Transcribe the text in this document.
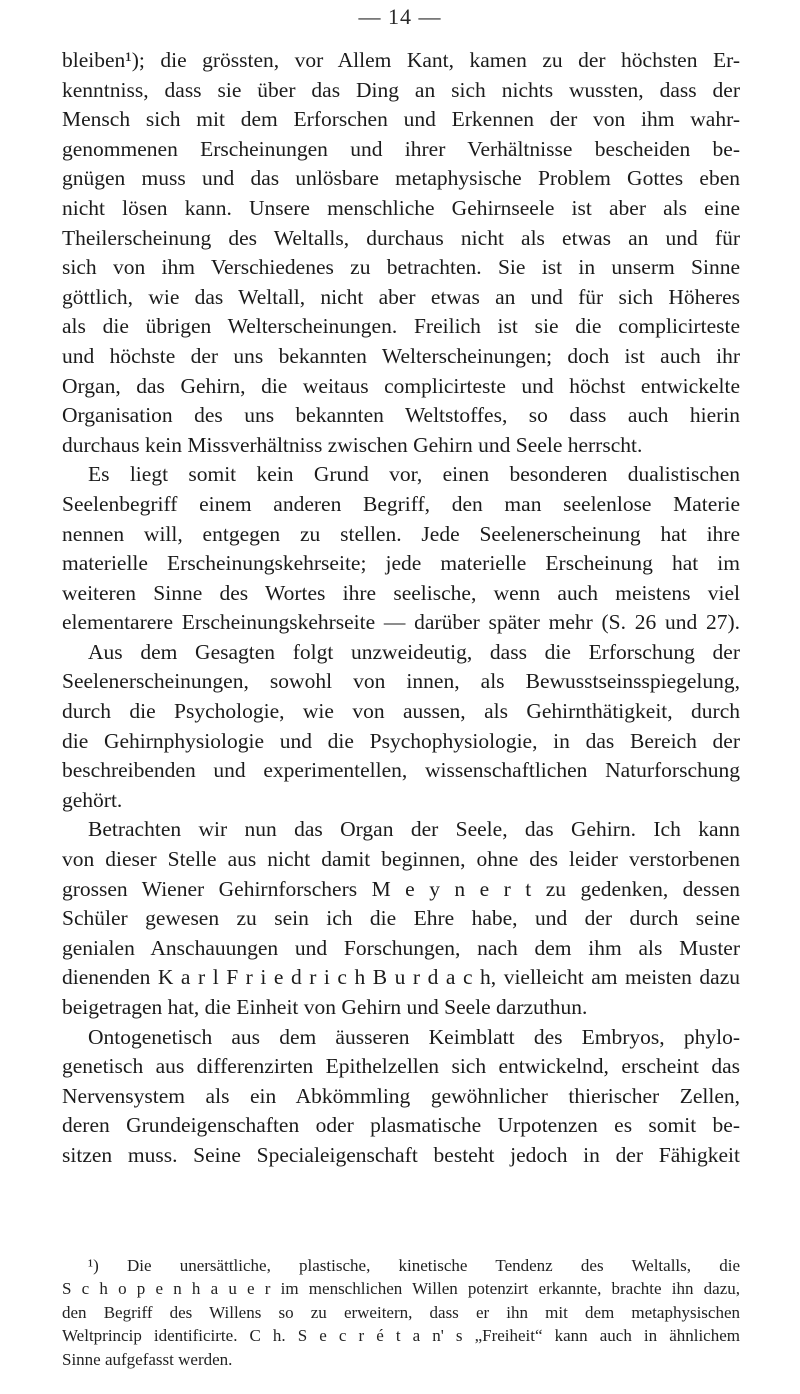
— 14 —
bleiben¹); die grössten, vor Allem Kant, kamen zu der höchsten Er-
kenntniss, dass sie über das Ding an sich nichts wussten, dass der
Mensch sich mit dem Erforschen und Erkennen der von ihm wahr-
genommenen Erscheinungen und ihrer Verhältnisse bescheiden be-
gnügen muss und das unlösbare metaphysische Problem Gottes eben
nicht lösen kann. Unsere menschliche Gehirnseele ist aber als eine
Theilerscheinung des Weltalls, durchaus nicht als etwas an und für
sich von ihm Verschiedenes zu betrachten. Sie ist in unserm Sinne
göttlich, wie das Weltall, nicht aber etwas an und für sich Höheres
als die übrigen Welterscheinungen. Freilich ist sie die complicirteste
und höchste der uns bekannten Welterscheinungen; doch ist auch ihr
Organ, das Gehirn, die weitaus complicirteste und höchst entwickelte
Organisation des uns bekannten Weltstoffes, so dass auch hierin
durchaus kein Missverhältniss zwischen Gehirn und Seele herrscht.
Es liegt somit kein Grund vor, einen besonderen dualistischen
Seelenbegriff einem anderen Begriff, den man seelenlose Materie
nennen will, entgegen zu stellen. Jede Seelenerscheinung hat ihre
materielle Erscheinungskehrseite; jede materielle Erscheinung hat im
weiteren Sinne des Wortes ihre seelische, wenn auch meistens viel
elementarere Erscheinungskehrseite — darüber später mehr (S. 26 und 27).
Aus dem Gesagten folgt unzweideutig, dass die Erforschung der
Seelenerscheinungen, sowohl von innen, als Bewusstseinsspiegelung,
durch die Psychologie, wie von aussen, als Gehirnthätigkeit, durch
die Gehirnphysiologie und die Psychophysiologie, in das Bereich der
beschreibenden und experimentellen, wissenschaftlichen Naturforschung
gehört.
Betrachten wir nun das Organ der Seele, das Gehirn. Ich kann
von dieser Stelle aus nicht damit beginnen, ohne des leider verstorbenen
grossen Wiener Gehirnforschers M e y n e r t zu gedenken, dessen
Schüler gewesen zu sein ich die Ehre habe, und der durch seine
genialen Anschauungen und Forschungen, nach dem ihm als Muster
dienenden K a r l F r i e d r i c h B u r d a c h, vielleicht am meisten dazu
beigetragen hat, die Einheit von Gehirn und Seele darzuthun.
Ontogenetisch aus dem äusseren Keimblatt des Embryos, phylo-
genetisch aus differenzirten Epithelzellen sich entwickelnd, erscheint das
Nervensystem als ein Abkömmling gewöhnlicher thierischer Zellen,
deren Grundeigenschaften oder plasmatische Urpotenzen es somit be-
sitzen muss. Seine Specialeigenschaft besteht jedoch in der Fähigkeit
¹) Die unersättliche, plastische, kinetische Tendenz des Weltalls, die
S c h o p e n h a u e r im menschlichen Willen potenzirt erkannte, brachte ihn dazu,
den Begriff des Willens so zu erweitern, dass er ihn mit dem metaphysischen
Weltprincip identificirte. C h. S e c r é t a n' s „Freiheit“ kann auch in ähnlichem
Sinne aufgefasst werden.
